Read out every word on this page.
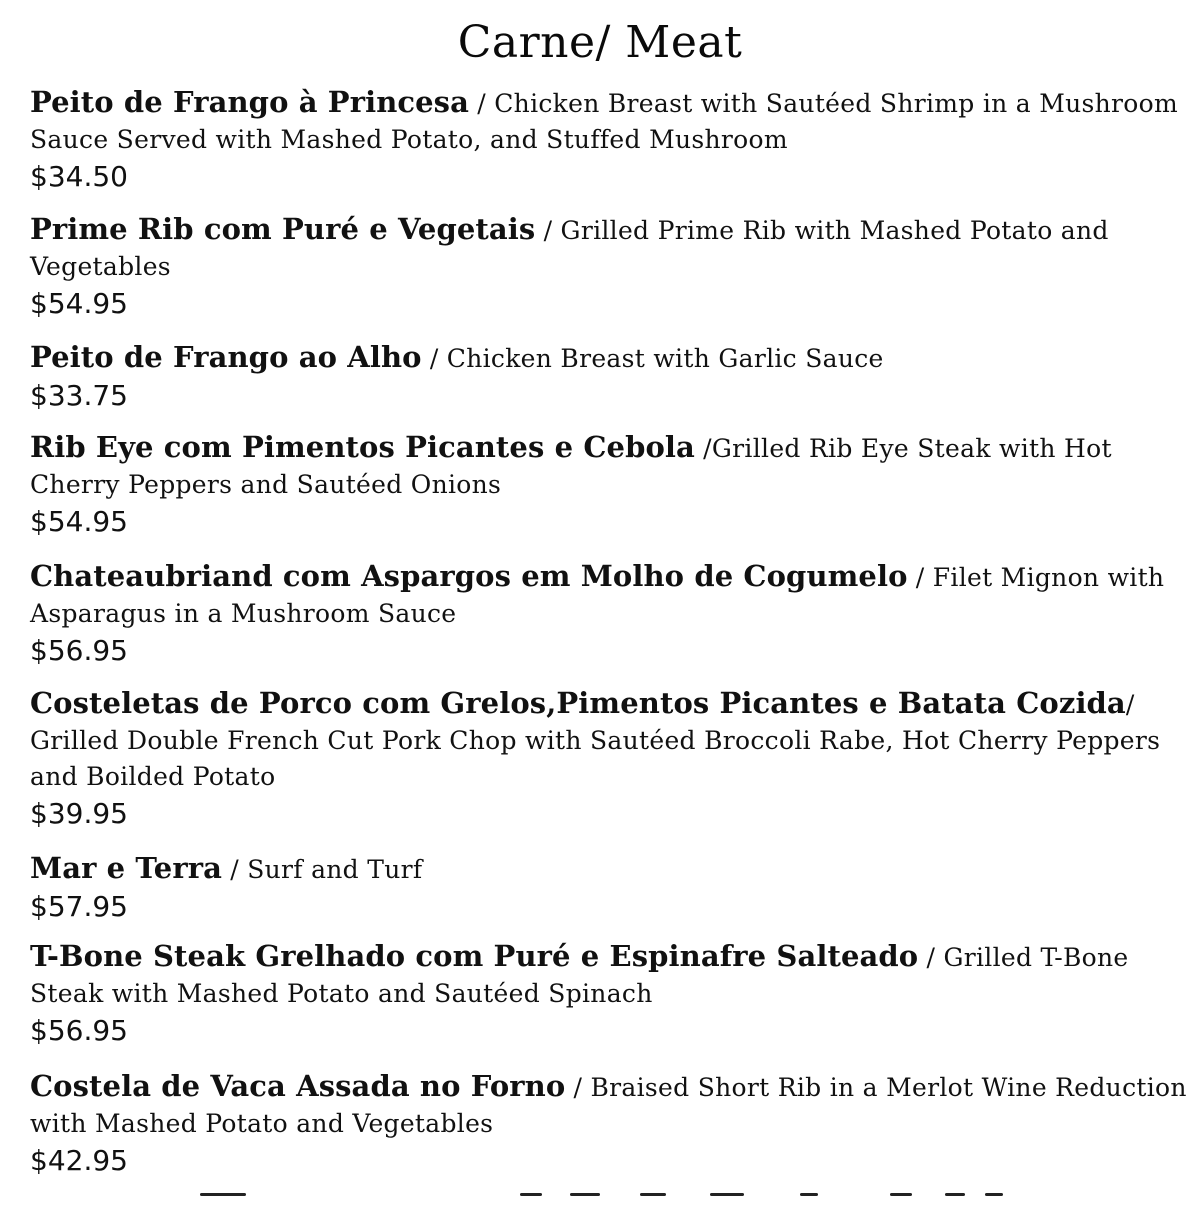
Carne/ Meat

Peito de Frango à Princesa / Chicken Breast with Sautéed Shrimp in a Mushroom Sauce Served with Mashed Potato, and Stuffed Mushroom

$34.50

Prime Rib com Puré e Vegetais / Grilled Prime Rib with Mashed Potato and Vegetables

$54.95

Peito de Frango ao Alho / Chicken Breast with Garlic Sauce

$33.75

Rib Eye com Pimentos Picantes e Cebola /Grilled Rib Eye Steak with Hot Cherry Peppers and Sautéed Onions

$54.95

Chateaubriand com Aspargos em Molho de Cogumelo / Filet Mignon with Asparagus in a Mushroom Sauce

$56.95

Costeletas de Porco com Grelos,Pimentos Picantes e Batata Cozida/ Grilled Double French Cut Pork Chop with Sautéed Broccoli Rabe, Hot Cherry Peppers and Boilded Potato

$39.95

Mar e Terra / Surf and Turf

$57.95

T-Bone Steak Grelhado com Puré e Espinafre Salteado / Grilled T-Bone Steak with Mashed Potato and Sautéed Spinach

$56.95

Costela de Vaca Assada no Forno / Braised Short Rib in a Merlot Wine Reduction with Mashed Potato and Vegetables

$42.95
